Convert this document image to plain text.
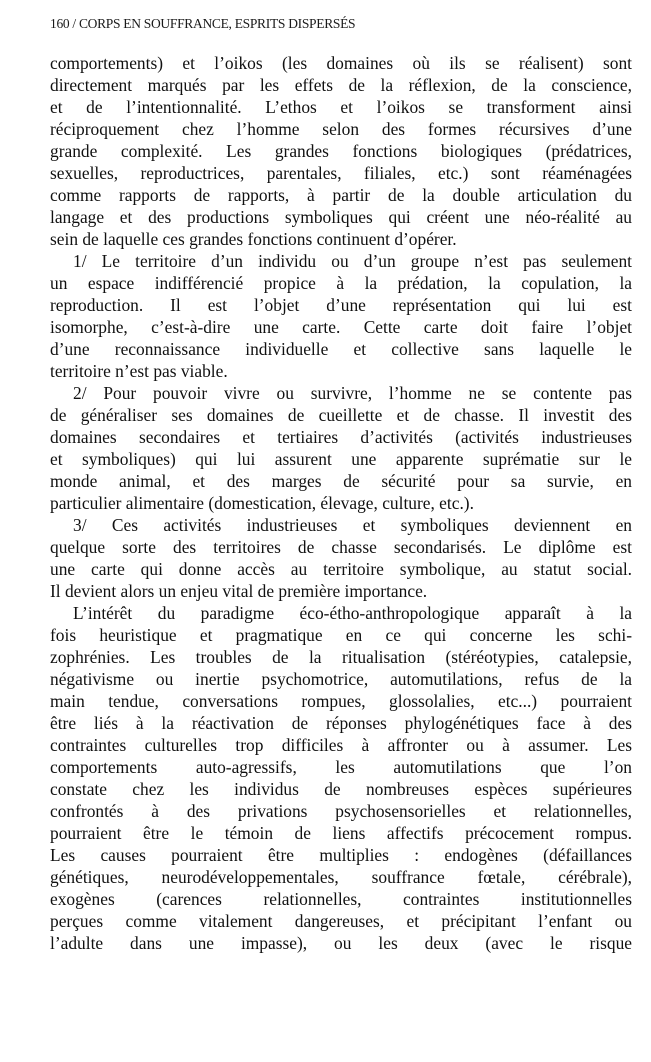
160 / CORPS EN SOUFFRANCE, ESPRITS DISPERSÉS
comportements) et l’oikos (les domaines où ils se réalisent) sont
directement marqués par les effets de la réflexion, de la conscience,
et de l’intentionnalité. L’ethos et l’oikos se transforment ainsi
réciproquement chez l’homme selon des formes récursives d’une
grande complexité. Les grandes fonctions biologiques (prédatrices,
sexuelles, reproductrices, parentales, filiales, etc.) sont réaménagées
comme rapports de rapports, à partir de la double articulation du
langage et des productions symboliques qui créent une néo-réalité au
sein de laquelle ces grandes fonctions continuent d’opérer.
1/ Le territoire d’un individu ou d’un groupe n’est pas seulement
un espace indifférencié propice à la prédation, la copulation, la
reproduction. Il est l’objet d’une représentation qui lui est
isomorphe, c’est-à-dire une carte. Cette carte doit faire l’objet
d’une reconnaissance individuelle et collective sans laquelle le
territoire n’est pas viable.
2/ Pour pouvoir vivre ou survivre, l’homme ne se contente pas
de généraliser ses domaines de cueillette et de chasse. Il investit des
domaines secondaires et tertiaires d’activités (activités industrieuses
et symboliques) qui lui assurent une apparente suprématie sur le
monde animal, et des marges de sécurité pour sa survie, en
particulier alimentaire (domestication, élevage, culture, etc.).
3/ Ces activités industrieuses et symboliques deviennent en
quelque sorte des territoires de chasse secondarisés. Le diplôme est
une carte qui donne accès au territoire symbolique, au statut social.
Il devient alors un enjeu vital de première importance.
L’intérêt du paradigme éco-étho-anthropologique apparaît à la
fois heuristique et pragmatique en ce qui concerne les schi-
zophrénies. Les troubles de la ritualisation (stéréotypies, catalepsie,
négativisme ou inertie psychomotrice, automutilations, refus de la
main tendue, conversations rompues, glossolalies, etc...) pourraient
être liés à la réactivation de réponses phylogénétiques face à des
contraintes culturelles trop difficiles à affronter ou à assumer. Les
comportements auto-agressifs, les automutilations que l’on
constate chez les individus de nombreuses espèces supérieures
confrontés à des privations psychosensorielles et relationnelles,
pourraient être le témoin de liens affectifs précocement rompus.
Les causes pourraient être multiplies : endogènes (défaillances
génétiques, neurodéveloppementales, souffrance fœtale, cérébrale),
exogènes (carences relationnelles, contraintes institutionnelles
perçues comme vitalement dangereuses, et précipitant l’enfant ou
l’adulte dans une impasse), ou les deux (avec le risque
